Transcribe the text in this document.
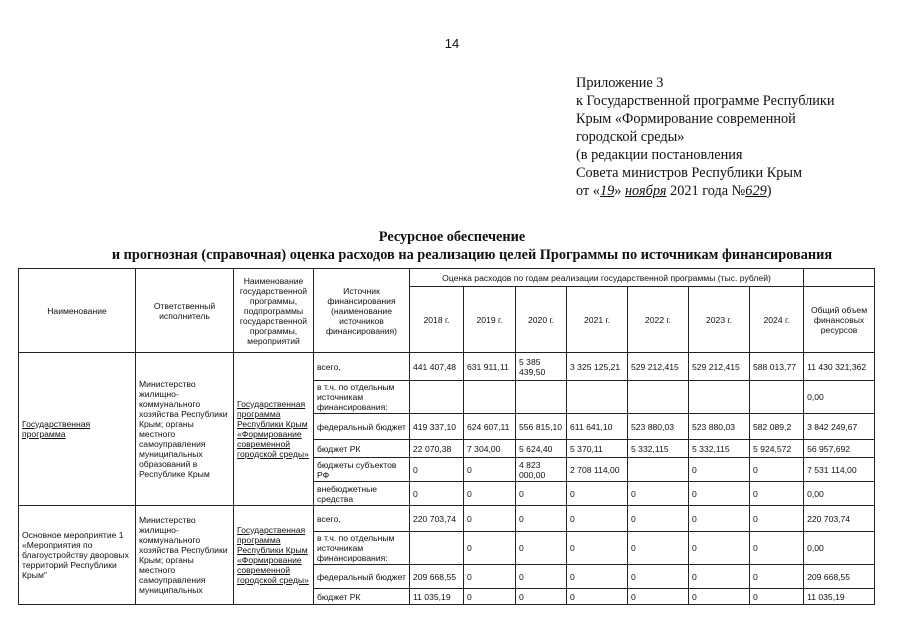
14
Приложение 3
к Государственной программе Республики
Крым «Формирование современной
городской среды»
(в редакции постановления
Совета министров Республики Крым
от «19» ноября 2021 года №629)
Ресурсное обеспечение
и прогнозная (справочная) оценка расходов на реализацию целей Программы по источникам финансирования
Наименование	Ответственный исполнитель	Наименование государственной программы, подпрограммы государственной программы, мероприятий	Источник финансирования (наименование источников финансирования)	Оценка расходов по годам реализации государственной программы (тыс. рублей)							
				2018 г.	2019 г.	2020 г.	2021 г.	2022 г.	2023 г.	2024 г.	Общий объем финансовых ресурсов
Государственная программа	Министерство жилищно-коммунального хозяйства Республики Крым; органы местного самоуправления муниципальных образований в Республике Крым	Государственная программа Республики Крым «Формирование современной городской среды»	всего,	441 407,48	631 911,11	5 385 439,50	3 325 125,21	529 212,415	529 212,415	588 013,77	11 430 321,362
			в т.ч. по отдельным источникам финансирования:								0,00
			федеральный бюджет	419 337,10	624 607,11	556 815,10	611 641,10	523 880,03	523 880,03	582 089,2	3 842 249,67
			бюджет РК	22 070,38	7 304,00	5 624,40	5 370,11	5 332,115	5 332,115	5 924,572	56 957,692
			бюджеты субъектов РФ	0	0	4 823 000,00	2 708 114,00		0	0	7 531 114,00
			внебюджетные средства	0	0	0	0	0	0	0	0,00
Основное мероприятие 1 «Мероприятия по благоустройству дворовых территорий Республики Крым"	Министерство жилищно-коммунального хозяйства Республики Крым; органы местного самоуправления муниципальных	Государственная программа Республики Крым «Формирование современной городской среды»	всего,	220 703,74	0	0	0	0	0	0	220 703,74
			в т.ч. по отдельным источникам финансирования:		0	0	0	0	0	0	0,00
			федеральный бюджет	209 668,55	0	0	0	0	0	0	209 668,55
			бюджет РК	11 035,19	0	0	0	0	0	0	11 035,19
